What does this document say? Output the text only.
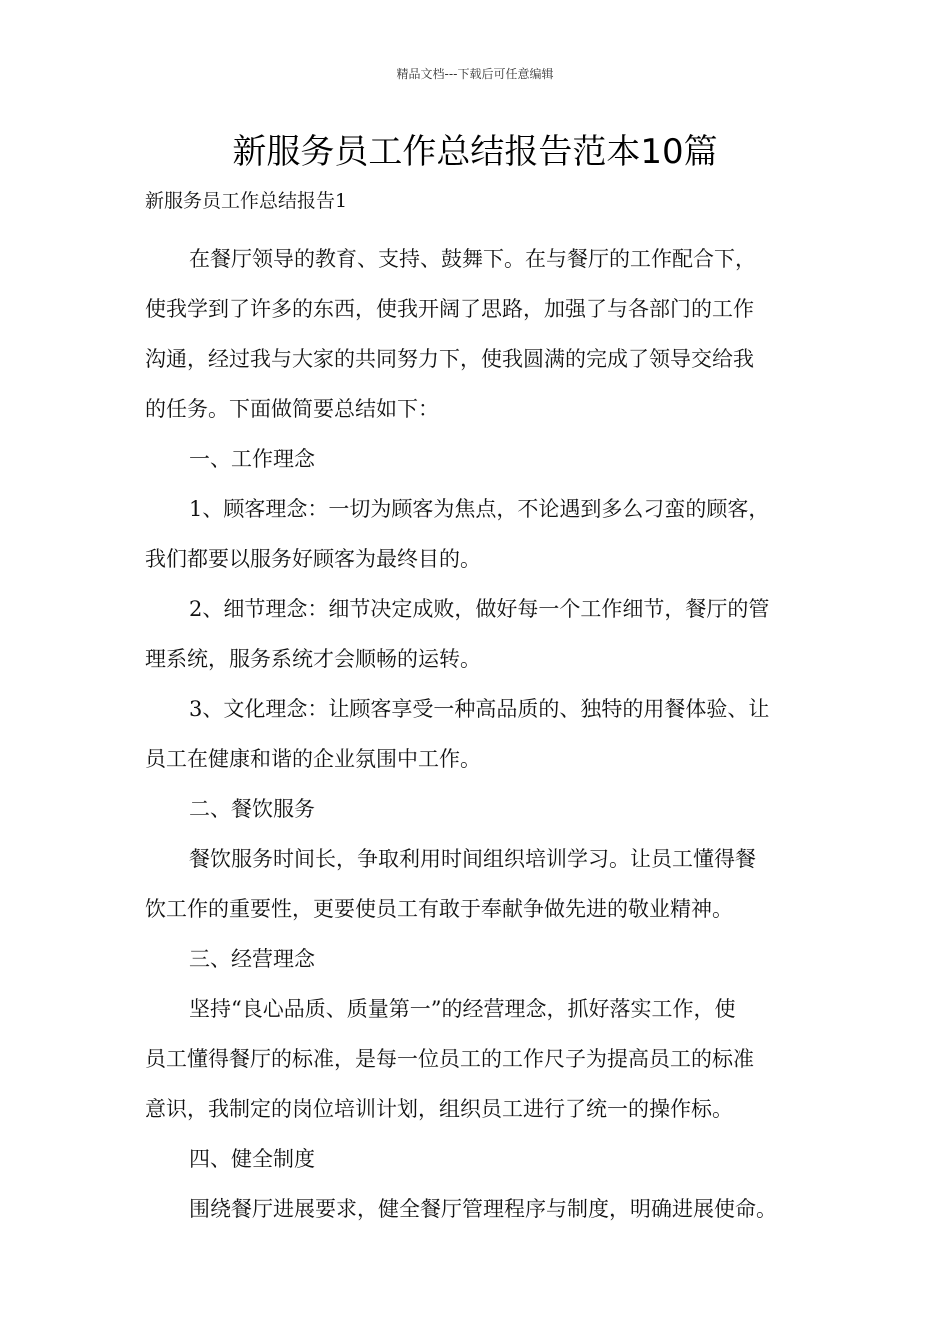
精品文档---下载后可任意编辑
新服务员工作总结报告范本10篇
新服务员工作总结报告1

在餐厅领导的教育、支持、鼓舞下。在与餐厅的工作配合下，

使我学到了许多的东西，使我开阔了思路，加强了与各部门的工作

沟通，经过我与大家的共同努力下，使我圆满的完成了领导交给我

的任务。下面做简要总结如下：

一、工作理念

1、顾客理念：一切为顾客为焦点，不论遇到多么刁蛮的顾客，

我们都要以服务好顾客为最终目的。

2、细节理念：细节决定成败，做好每一个工作细节，餐厅的管

理系统，服务系统才会顺畅的运转。

3、文化理念：让顾客享受一种高品质的、独特的用餐体验、让

员工在健康和谐的企业氛围中工作。

二、餐饮服务

餐饮服务时间长，争取利用时间组织培训学习。让员工懂得餐

饮工作的重要性，更要使员工有敢于奉献争做先进的敬业精神。

三、经营理念

坚持“良心品质、质量第一”的经营理念，抓好落实工作，使

员工懂得餐厅的标准，是每一位员工的工作尺子为提高员工的标准

意识，我制定的岗位培训计划，组织员工进行了统一的操作标。

四、健全制度

围绕餐厅进展要求，健全餐厅管理程序与制度，明确进展使命。
